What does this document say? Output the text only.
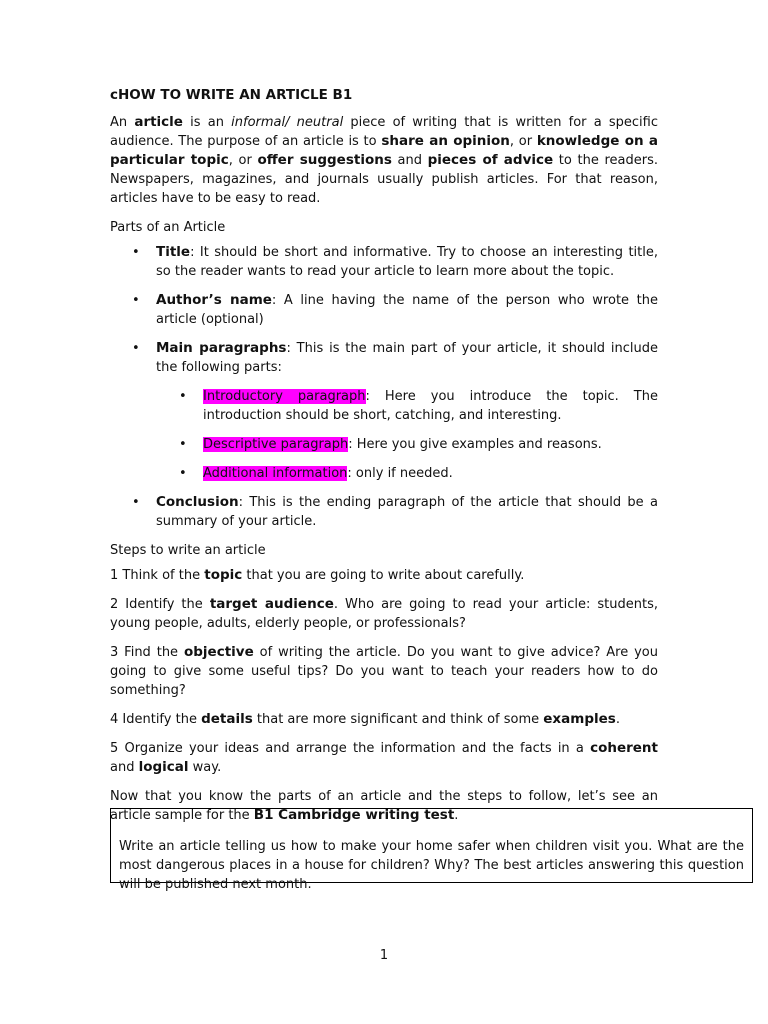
cHOW TO WRITE AN ARTICLE B1

An article is an informal/ neutral piece of writing that is written for a specific audience. The purpose of an article is to share an opinion, or knowledge on a particular topic, or offer suggestions and pieces of advice to the readers. Newspapers, magazines, and journals usually publish articles. For that reason, articles have to be easy to read.

Parts of an Article

• Title: It should be short and informative. Try to choose an interesting title, so the reader wants to read your article to learn more about the topic.
• Author’s name: A line having the name of the person who wrote the article (optional)
• Main paragraphs: This is the main part of your article, it should include the following parts:
• Introductory paragraph: Here you introduce the topic. The introduction should be short, catching, and interesting.
• Descriptive paragraph: Here you give examples and reasons.
• Additional information: only if needed.
• Conclusion: This is the ending paragraph of the article that should be a summary of your article.

Steps to write an article

1 Think of the topic that you are going to write about carefully.
2 Identify the target audience. Who are going to read your article: students, young people, adults, elderly people, or professionals?
3 Find the objective of writing the article. Do you want to give advice? Are you going to give some useful tips? Do you want to teach your readers how to do something?
4 Identify the details that are more significant and think of some examples.
5 Organize your ideas and arrange the information and the facts in a coherent and logical way.

Now that you know the parts of an article and the steps to follow, let’s see an article sample for the B1 Cambridge writing test.

Write an article telling us how to make your home safer when children visit you. What are the most dangerous places in a house for children? Why? The best articles answering this question will be published next month.
1
